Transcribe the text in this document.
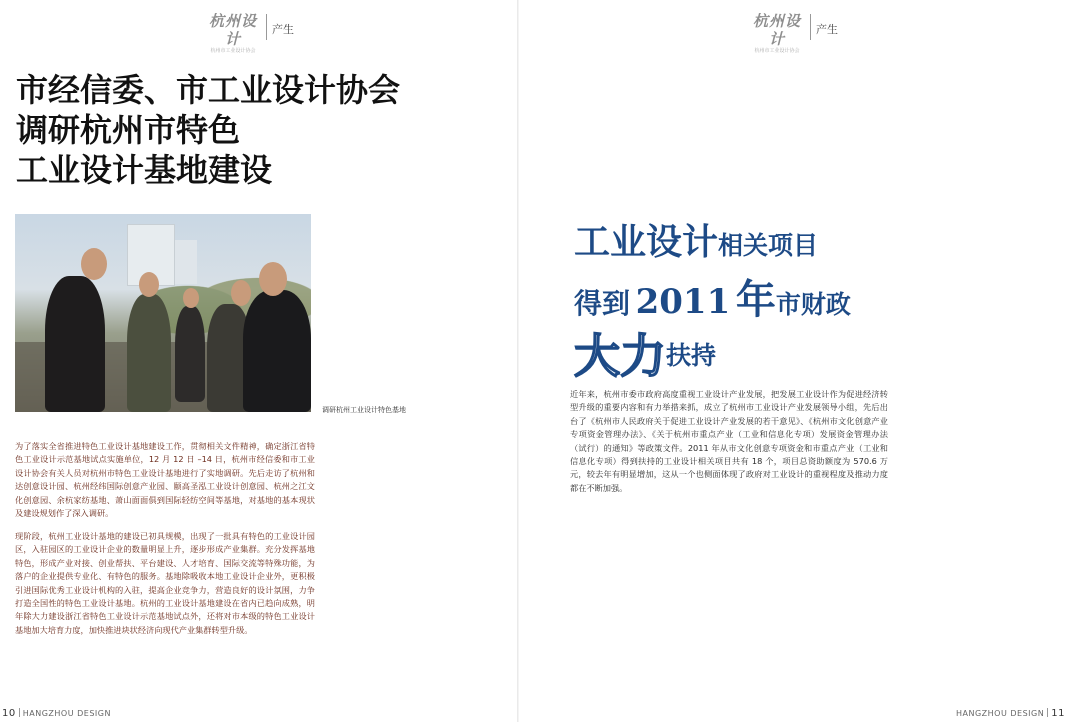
杭州设计
杭州市工业设计协会
产生
市经信委、市工业设计协会
调研杭州市特色
工业设计基地建设
调研杭州工业设计特色基地

为了落实全省推进特色工业设计基地建设工作，贯彻相关文件精神，确定浙江省特色工业设计示范基地试点实施单位，12 月 12 日 –14 日，杭州市经信委和市工业设计协会有关人员对杭州市特色工业设计基地进行了实地调研。先后走访了杭州和达创意设计园、杭州经纬国际创意产业园、颐高圣泓工业设计创意园、杭州之江文化创意园、余杭家纺基地、萧山面面俱到国际轻纺空间等基地，对基地的基本现状及建设规划作了深入调研。

现阶段，杭州工业设计基地的建设已初具规模，出现了一批具有特色的工业设计园区，入驻园区的工业设计企业的数量明显上升，逐步形成产业集群。充分发挥基地特色，形成产业对接、创业帮扶、平台建设、人才培育、国际交流等特殊功能，为落户的企业提供专业化、有特色的服务。基地除吸收本地工业设计企业外，更积极引进国际优秀工业设计机构的入驻，提高企业竞争力，营造良好的设计氛围，力争打造全国性的特色工业设计基地。杭州的工业设计基地建设在省内已趋向成熟，明年除大力建设浙江省特色工业设计示范基地试点外，还将对市本级的特色工业设计基地加大培育力度，加快推进块状经济向现代产业集群转型升级。

10 HANGZHOU DESIGN
杭州设计
杭州市工业设计协会
产生
工业设计相关项目
得到 2011 年市财政
大力扶持

近年来，杭州市委市政府高度重视工业设计产业发展，把发展工业设计作为促进经济转型升级的重要内容和有力举措来抓，成立了杭州市工业设计产业发展领导小组，先后出台了《杭州市人民政府关于促进工业设计产业发展的若干意见》、《杭州市文化创意产业专项资金管理办法》、《关于杭州市重点产业（工业和信息化专项）发展资金管理办法（试行）的通知》等政策文件。2011 年从市文化创意专项资金和市重点产业（工业和信息化专项）得到扶持的工业设计相关项目共有 18 个，项目总资助额度为 570.6 万元，较去年有明显增加，这从一个也侧面体现了政府对工业设计的重视程度及推动力度都在不断加强。

HANGZHOU DESIGN 11
